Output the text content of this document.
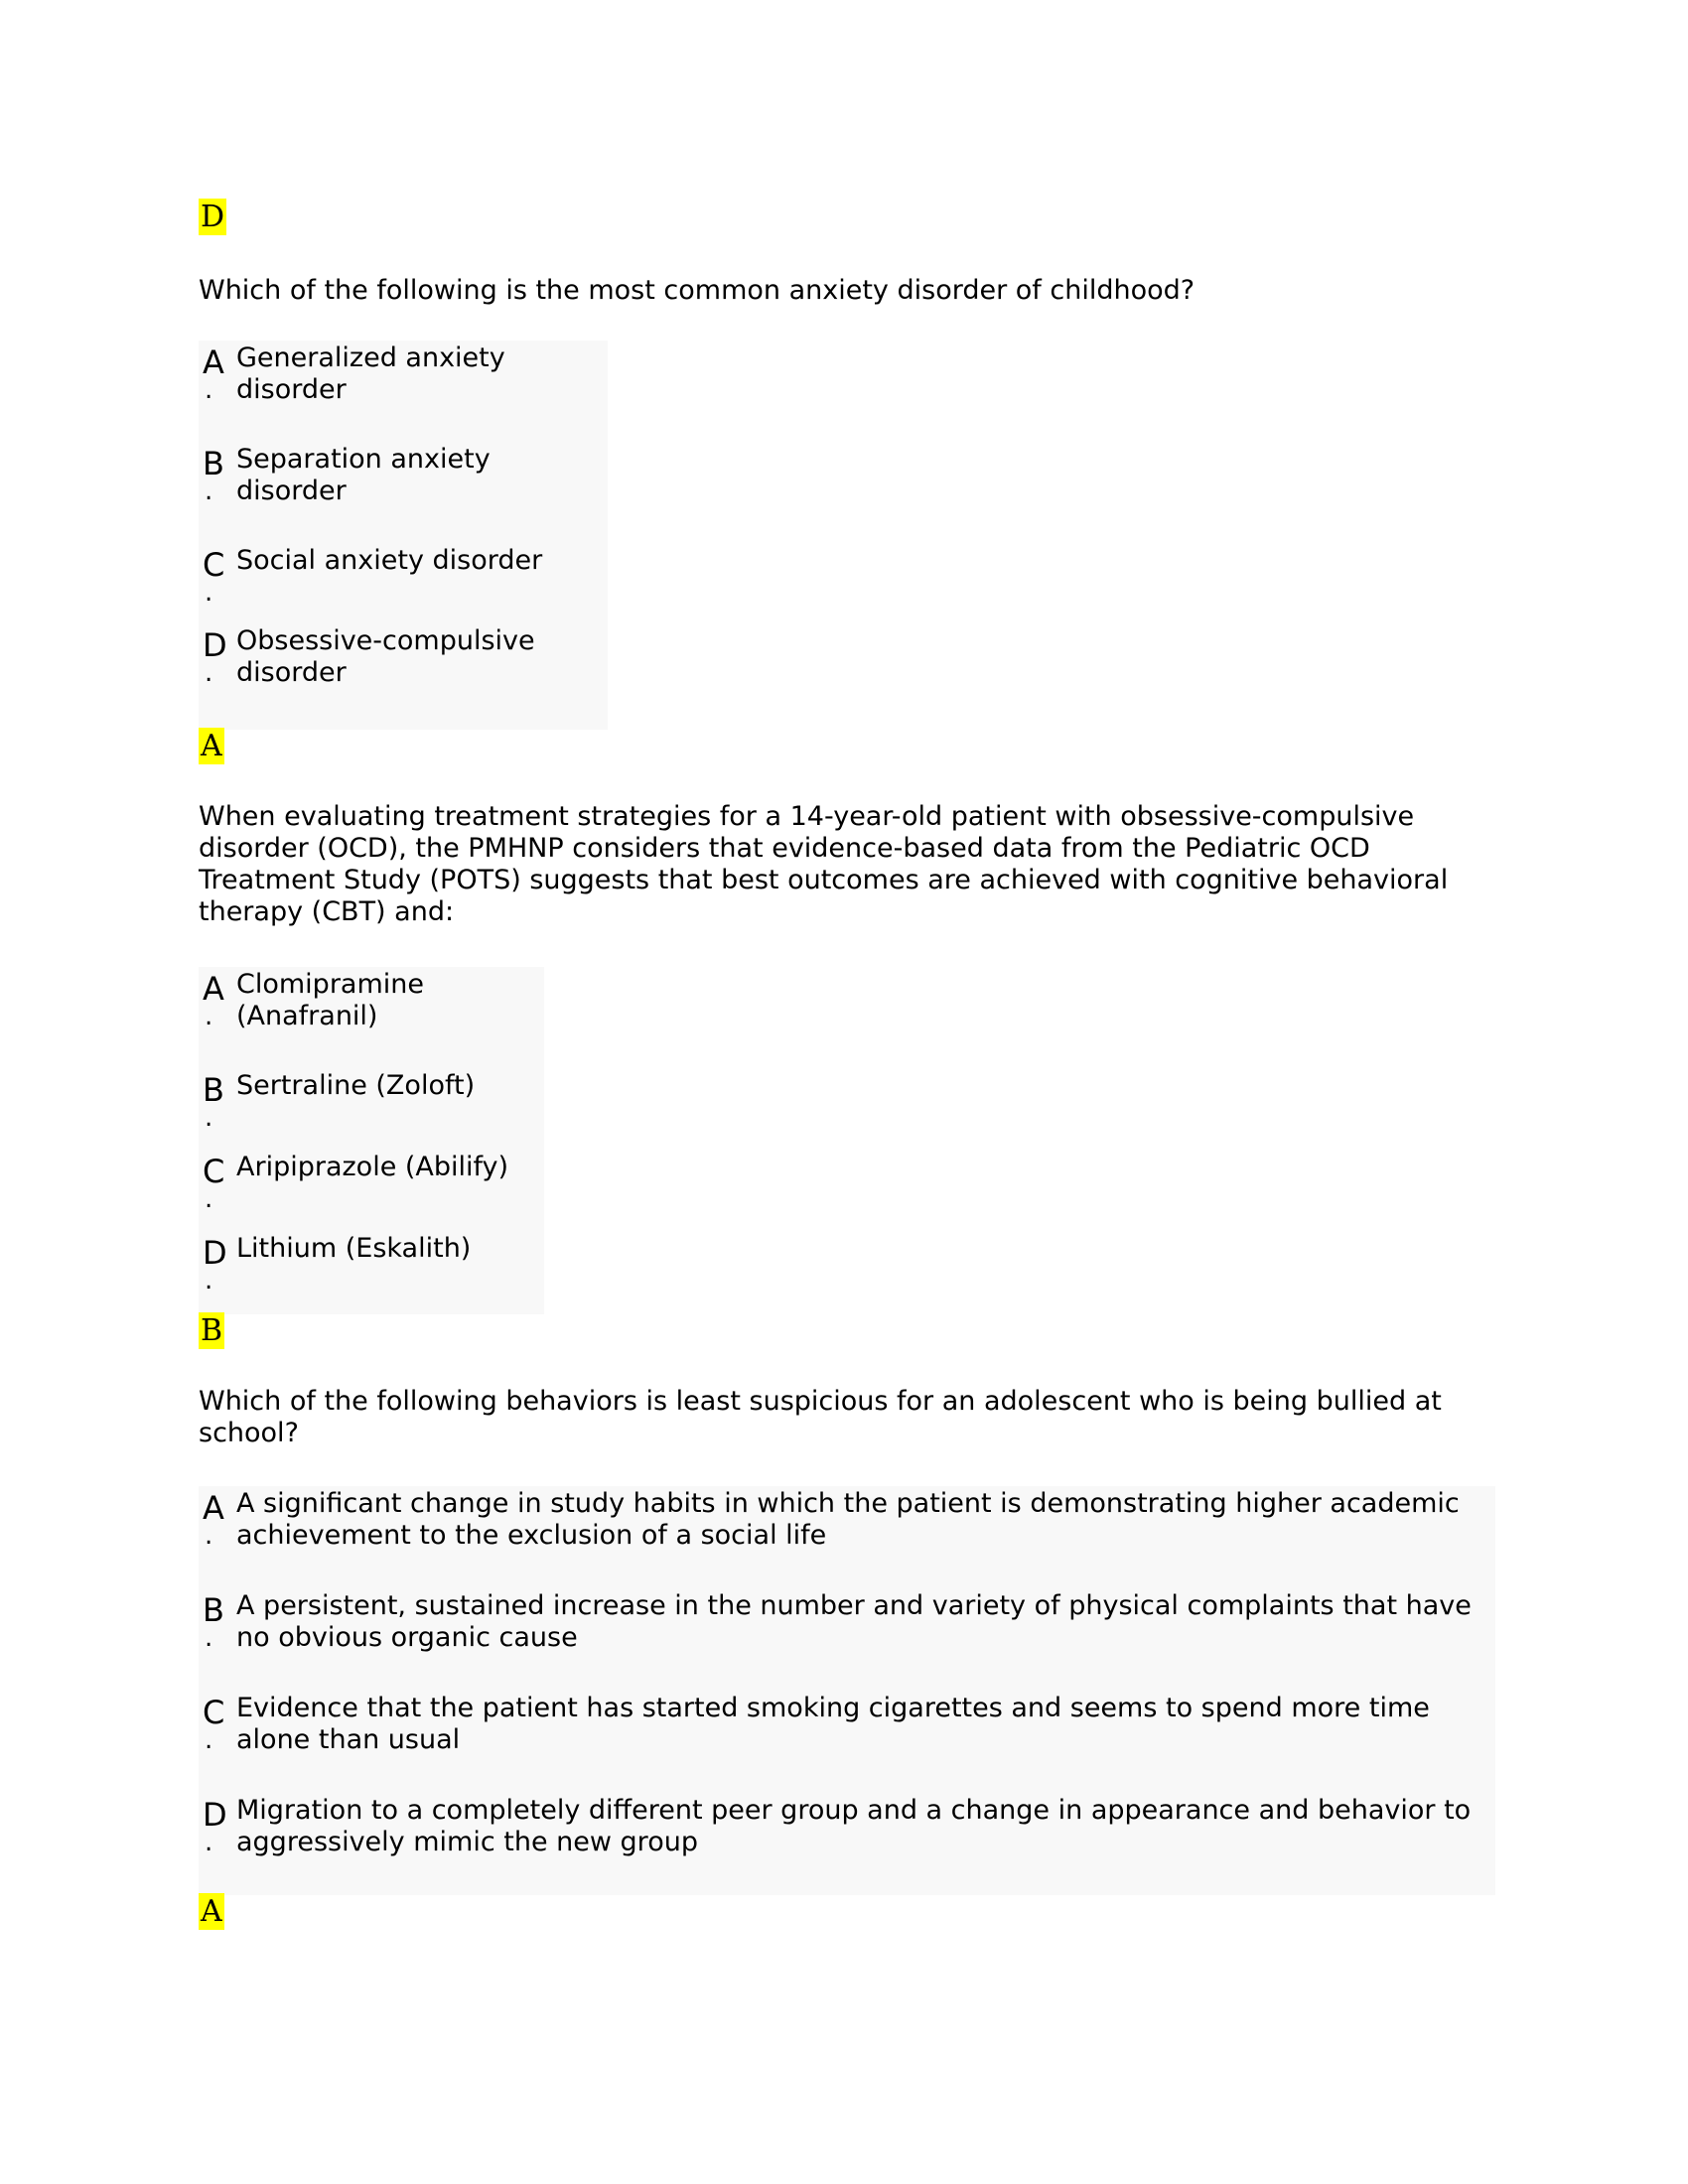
D

Which of the following is the most common anxiety disorder of childhood?

A
.
Generalized anxiety disorder
B
.
Separation anxiety disorder
C
.
Social anxiety disorder
D
.
Obsessive-compulsive disorder
A

When evaluating treatment strategies for a 14-year-old patient with obsessive-compulsive disorder (OCD), the PMHNP considers that evidence-based data from the Pediatric OCD Treatment Study (POTS) suggests that best outcomes are achieved with cognitive behavioral therapy (CBT) and:

A
.
Clomipramine (Anafranil)
B
.
Sertraline (Zoloft)
C
.
Aripiprazole (Abilify)
D
.
Lithium (Eskalith)
B

Which of the following behaviors is least suspicious for an adolescent who is being bullied at school?

A
.
A significant change in study habits in which the patient is demonstrating higher academic achievement to the exclusion of a social life
B
.
A persistent, sustained increase in the number and variety of physical complaints that have no obvious organic cause
C
.
Evidence that the patient has started smoking cigarettes and seems to spend more time alone than usual
D
.
Migration to a completely different peer group and a change in appearance and behavior to aggressively mimic the new group
A
